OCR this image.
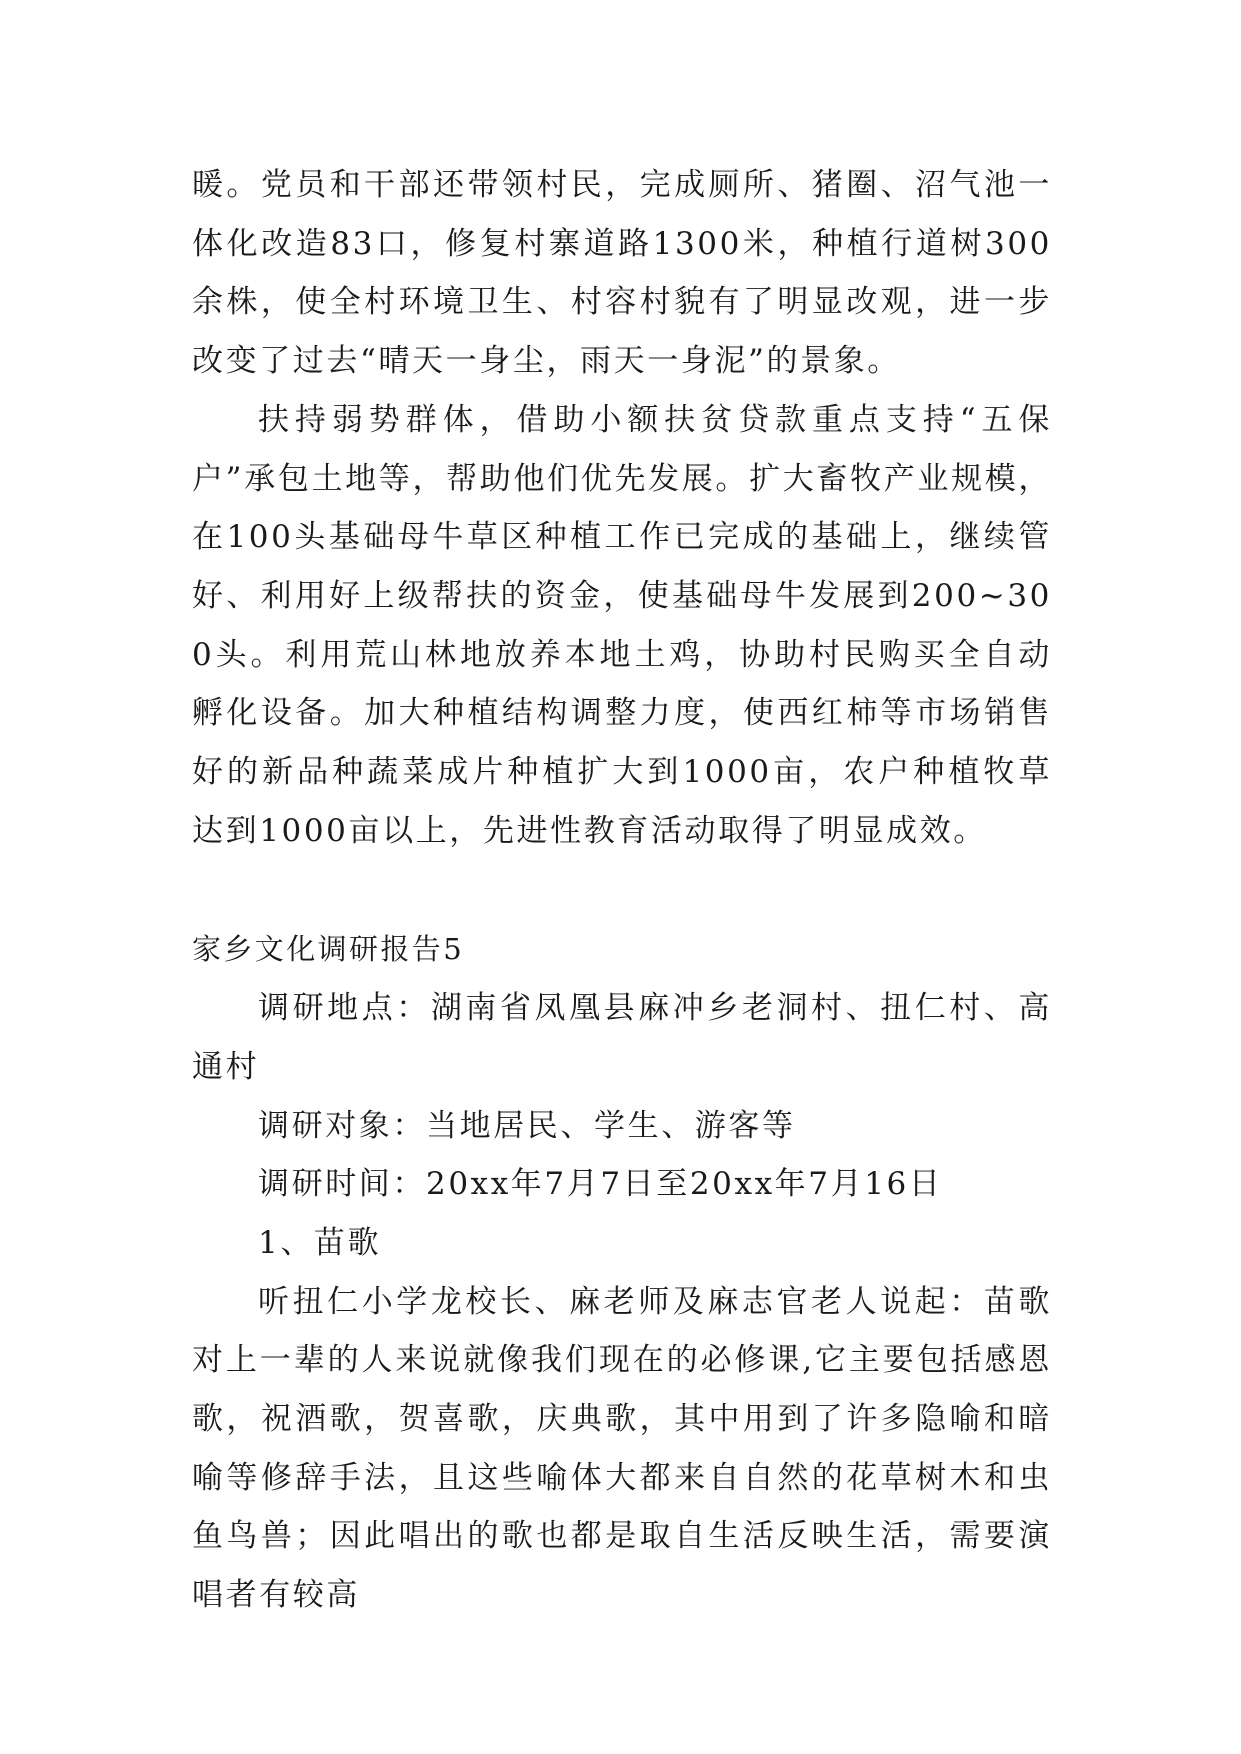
暖。党员和干部还带领村民，完成厕所、猪圈、沼气池一体化改造83口，修复村寨道路1300米，种植行道树300余株，使全村环境卫生、村容村貌有了明显改观，进一步改变了过去“晴天一身尘，雨天一身泥”的景象。

扶持弱势群体，借助小额扶贫贷款重点支持“五保户”承包土地等，帮助他们优先发展。扩大畜牧产业规模，在100头基础母牛草区种植工作已完成的基础上，继续管好、利用好上级帮扶的资金，使基础母牛发展到200~300头。利用荒山林地放养本地土鸡，协助村民购买全自动孵化设备。加大种植结构调整力度，使西红柿等市场销售好的新品种蔬菜成片种植扩大到1000亩，农户种植牧草达到1000亩以上，先进性教育活动取得了明显成效。

家乡文化调研报告5

调研地点：湖南省凤凰县麻冲乡老洞村、扭仁村、高通村

调研对象：当地居民、学生、游客等

调研时间：20xx年7月7日至20xx年7月16日

1、苗歌

听扭仁小学龙校长、麻老师及麻志官老人说起：苗歌对上一辈的人来说就像我们现在的必修课,它主要包括感恩歌，祝酒歌，贺喜歌，庆典歌，其中用到了许多隐喻和暗喻等修辞手法，且这些喻体大都来自自然的花草树木和虫鱼鸟兽；因此唱出的歌也都是取自生活反映生活，需要演唱者有较高
